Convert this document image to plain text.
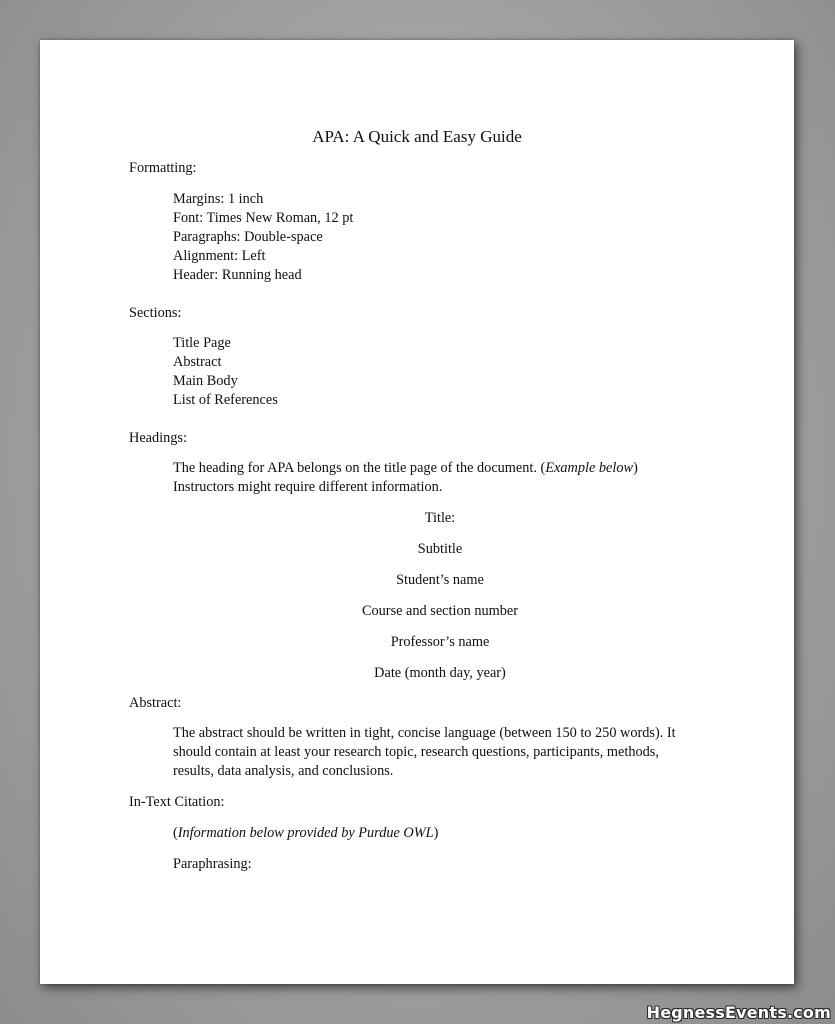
APA: A Quick and Easy Guide
Formatting:
Margins: 1 inch
Font: Times New Roman, 12 pt
Paragraphs: Double-space
Alignment: Left
Header: Running head
Sections:
Title Page
Abstract
Main Body
List of References
Headings:
The heading for APA belongs on the title page of the document. (Example below)
Instructors might require different information.
Title:
Subtitle
Student’s name
Course and section number
Professor’s name
Date (month day, year)
Abstract:
The abstract should be written in tight, concise language (between 150 to 250 words). It
should contain at least your research topic, research questions, participants, methods,
results, data analysis, and conclusions.
In-Text Citation:
(Information below provided by Purdue OWL)
Paraphrasing:
HegnessEvents.com
